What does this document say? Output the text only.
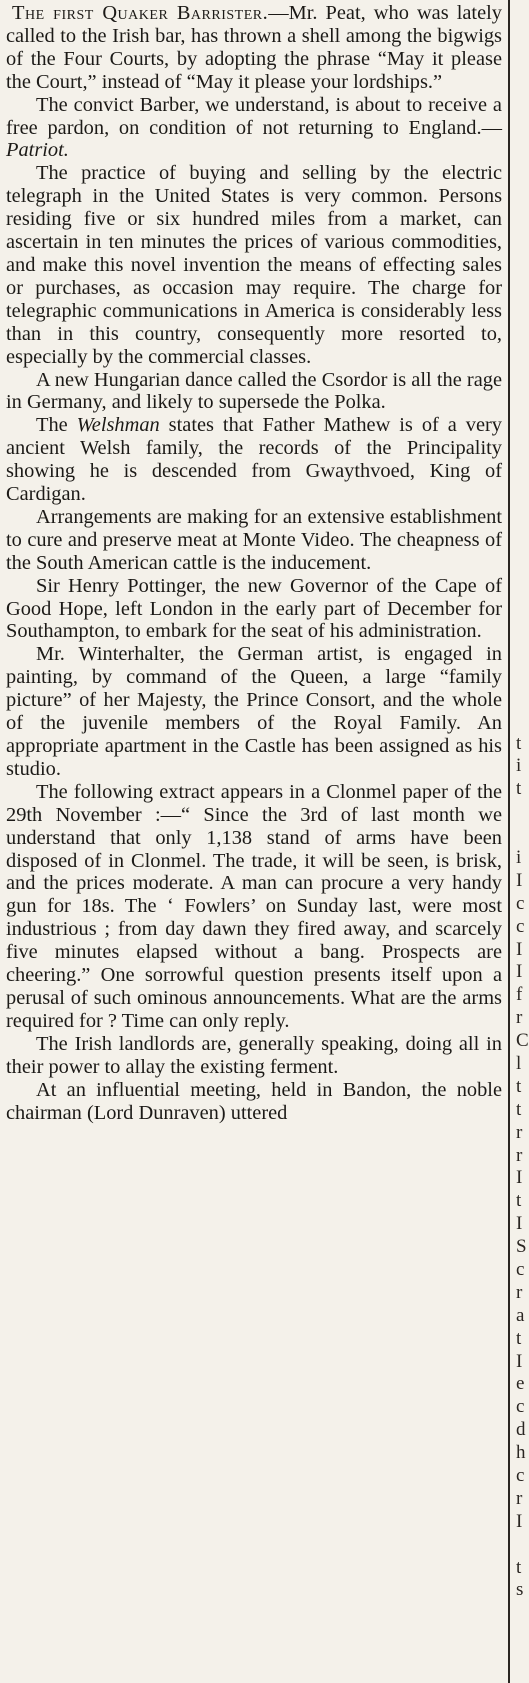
The first Quaker Barrister.—Mr. Peat, who was lately called to the Irish bar, has thrown a shell among the bigwigs of the Four Courts, by adopting the phrase “May it please the Court,” instead of “May it please your lordships.”

The convict Barber, we understand, is about to receive a free pardon, on condition of not returning to England.—Patriot.

The practice of buying and selling by the electric telegraph in the United States is very common. Persons residing five or six hundred miles from a market, can ascertain in ten minutes the prices of various commodities, and make this novel invention the means of effecting sales or purchases, as occasion may require. The charge for telegraphic communications in America is considerably less than in this country, consequently more resorted to, especially by the commercial classes.

A new Hungarian dance called the Csordor is all the rage in Germany, and likely to supersede the Polka.

The Welshman states that Father Mathew is of a very ancient Welsh family, the records of the Principality showing he is descended from Gwaythvoed, King of Cardigan.

Arrangements are making for an extensive establishment to cure and preserve meat at Monte Video. The cheapness of the South American cattle is the inducement.

Sir Henry Pottinger, the new Governor of the Cape of Good Hope, left London in the early part of December for Southampton, to embark for the seat of his administration.

Mr. Winterhalter, the German artist, is engaged in painting, by command of the Queen, a large “family picture” of her Majesty, the Prince Consort, and the whole of the juvenile members of the Royal Family. An appropriate apartment in the Castle has been assigned as his studio.

The following extract appears in a Clonmel paper of the 29th November :—“ Since the 3rd of last month we understand that only 1,138 stand of arms have been disposed of in Clonmel. The trade, it will be seen, is brisk, and the prices moderate. A man can procure a very handy gun for 18s. The ‘ Fowlers’ on Sunday last, were most industrious ; from day dawn they fired away, and scarcely five minutes elapsed without a bang. Prospects are cheering.” One sorrowful question presents itself upon a perusal of such ominous announcements. What are the arms required for ? Time can only reply.

The Irish landlords are, generally speaking, doing all in their power to allay the existing ferment.

At an influential meeting, held in Bandon, the noble chairman (Lord Dunraven) uttered

t
i
t
i
I
c
c
I
I
f
r
C
l
t
t
r
r
I
t
I
S
c
r
a
t
I
e
c
d
h
c
r
I
t
s
